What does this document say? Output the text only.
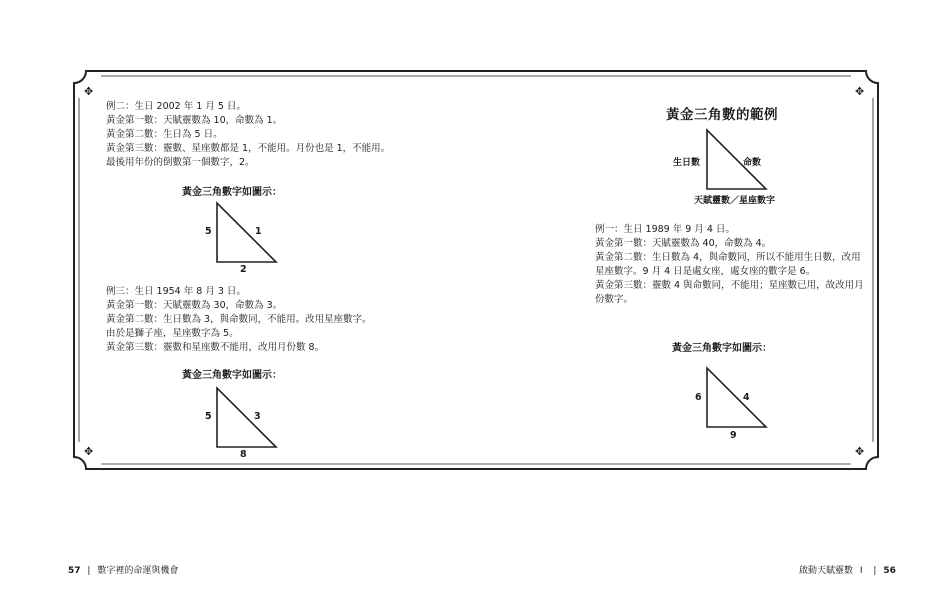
✥	✥
✥	✥
例二：生日 2002 年 1 月 5 日。
黃金第一數：天賦靈數為 10，命數為 1。
黃金第二數：生日為 5 日。
黃金第三數：靈數、星座數都是 1，不能用。月份也是 1，不能用。
最後用年份的倒數第一個數字，2。
黃金三角數字如圖示：
5	1
2
例三：生日 1954 年 8 月 3 日。
黃金第一數：天賦靈數為 30，命數為 3。
黃金第二數：生日數為 3，與命數同，不能用。改用星座數字。
由於是獅子座，星座數字為 5。
黃金第三數：靈數和星座數不能用，改用月份數 8。
黃金三角數字如圖示：
5	3
8
黃金三角數的範例
生日數	命數
天賦靈數／星座數字
例一：生日 1989 年 9 月 4 日。
黃金第一數：天賦靈數為 40，命數為 4。
黃金第二數：生日數為 4，與命數同，所以不能用生日數，改用
星座數字。9 月 4 日是處女座，處女座的數字是 6。
黃金第三數：靈數 4 與命數同，不能用；星座數已用，故改用月
份數字。
黃金三角數字如圖示：
6	4
9
57 | 數字裡的命運與機會	啟動天賦靈數 I | 56
